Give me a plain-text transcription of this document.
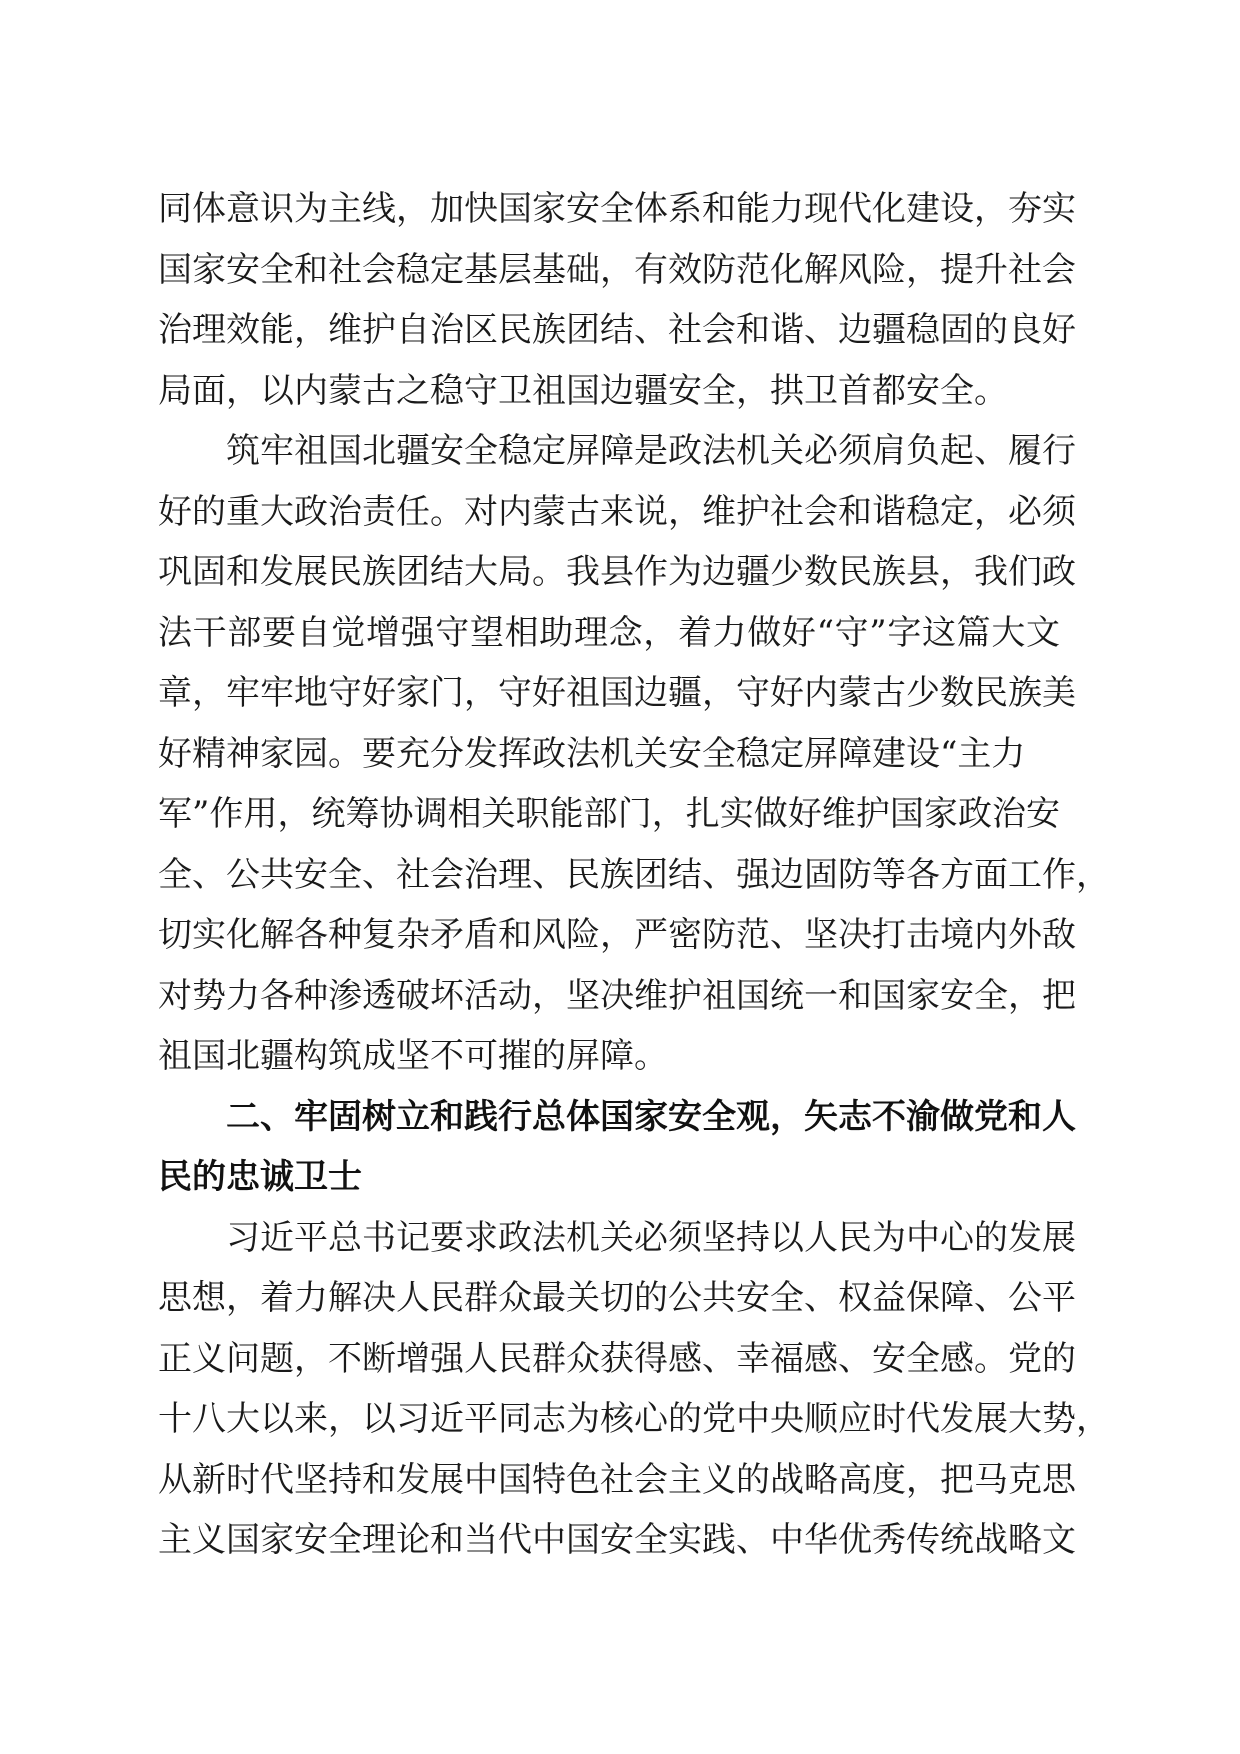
同体意识为主线，加快国家安全体系和能力现代化建设，夯实
国家安全和社会稳定基层基础，有效防范化解风险，提升社会
治理效能，维护自治区民族团结、社会和谐、边疆稳固的良好
局面，以内蒙古之稳守卫祖国边疆安全，拱卫首都安全。
筑牢祖国北疆安全稳定屏障是政法机关必须肩负起、履行
好的重大政治责任。对内蒙古来说，维护社会和谐稳定，必须
巩固和发展民族团结大局。我县作为边疆少数民族县，我们政
法干部要自觉增强守望相助理念，着力做好“守”字这篇大文
章，牢牢地守好家门，守好祖国边疆，守好内蒙古少数民族美
好精神家园。要充分发挥政法机关安全稳定屏障建设“主力
军”作用，统筹协调相关职能部门，扎实做好维护国家政治安
全、公共安全、社会治理、民族团结、强边固防等各方面工作，
切实化解各种复杂矛盾和风险，严密防范、坚决打击境内外敌
对势力各种渗透破坏活动，坚决维护祖国统一和国家安全，把
祖国北疆构筑成坚不可摧的屏障。
二、牢固树立和践行总体国家安全观，矢志不渝做党和人
民的忠诚卫士
习近平总书记要求政法机关必须坚持以人民为中心的发展
思想，着力解决人民群众最关切的公共安全、权益保障、公平
正义问题，不断增强人民群众获得感、幸福感、安全感。党的
十八大以来，以习近平同志为核心的党中央顺应时代发展大势，
从新时代坚持和发展中国特色社会主义的战略高度，把马克思
主义国家安全理论和当代中国安全实践、中华优秀传统战略文
